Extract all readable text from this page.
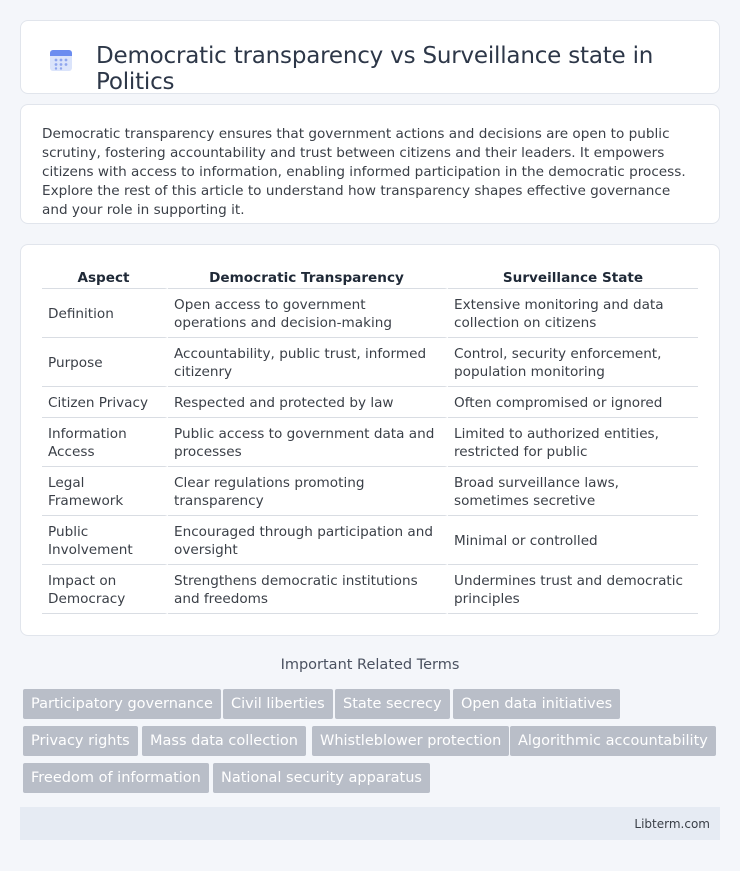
Democratic transparency vs Surveillance state in Politics

Democratic transparency ensures that government actions and decisions are open to public scrutiny, fostering accountability and trust between citizens and their leaders. It empowers citizens with access to information, enabling informed participation in the democratic process. Explore the rest of this article to understand how transparency shapes effective governance and your role in supporting it.

Aspect	Democratic Transparency	Surveillance State
Definition	Open access to government operations and decision-making	Extensive monitoring and data collection on citizens
Purpose	Accountability, public trust, informed citizenry	Control, security enforcement, population monitoring
Citizen Privacy	Respected and protected by law	Often compromised or ignored
Information Access	Public access to government data and processes	Limited to authorized entities, restricted for public
Legal Framework	Clear regulations promoting transparency	Broad surveillance laws, sometimes secretive
Public Involvement	Encouraged through participation and oversight	Minimal or controlled
Impact on Democracy	Strengthens democratic institutions and freedoms	Undermines trust and democratic principles
Important Related Terms
Participatory governance	Civil liberties	State secrecy	Open data initiatives
Privacy rights	Mass data collection	Whistleblower protection	Algorithmic accountability
Freedom of information	National security apparatus
Libterm.com
